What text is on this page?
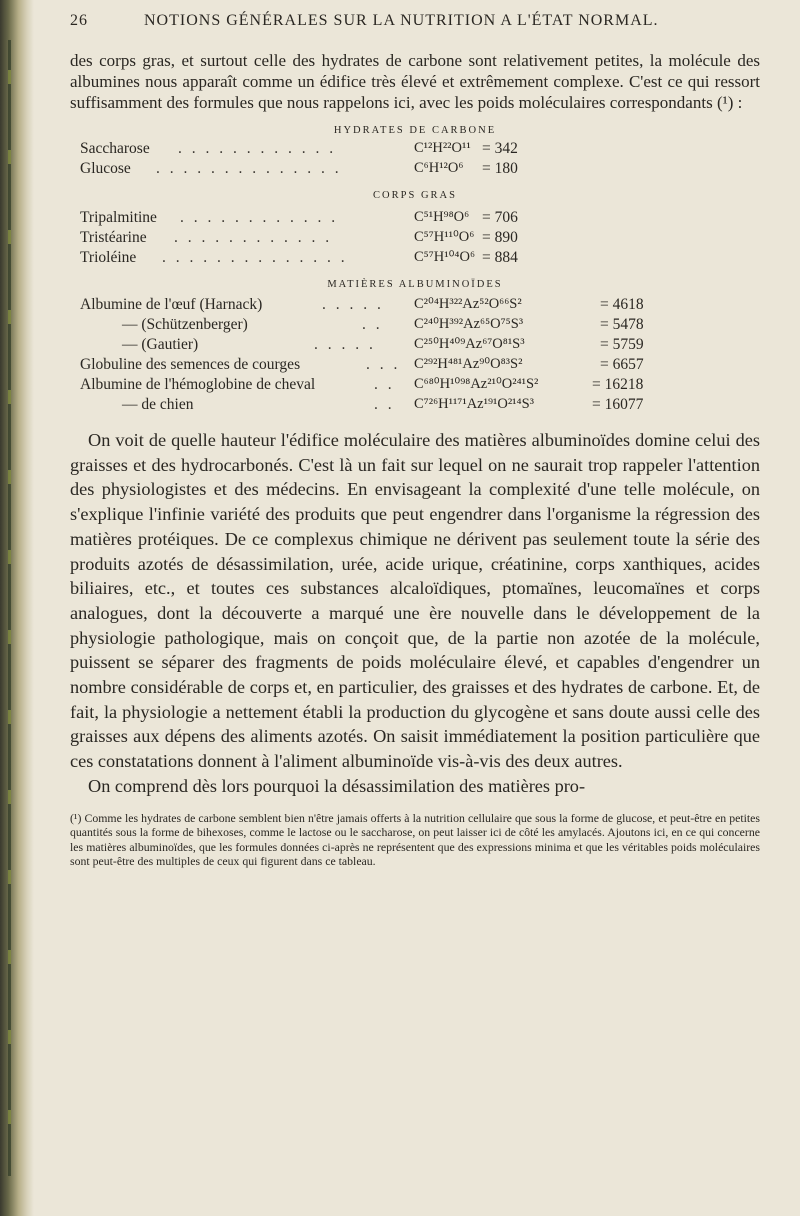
26	NOTIONS GÉNÉRALES SUR LA NUTRITION A L'ÉTAT NORMAL.

des corps gras, et surtout celle des hydrates de carbone sont relativement petites, la molécule des albumines nous apparaît comme un édifice très élevé et extrêmement complexe. C'est ce qui ressort suffisamment des formules que nous rappelons ici, avec les poids moléculaires correspondants (¹) :

HYDRATES DE CARBONE

Saccharose . . . . . . . . . . . .	C¹²H²²O¹¹ = 342
Glucose . . . . . . . . . . . . . .	C⁶H¹²O⁶ = 180

CORPS GRAS

Tripalmitine . . . . . . . . . . . .	C⁵¹H⁹⁸O⁶ = 706
Tristéarine . . . . . . . . . . . .	C⁵⁷H¹¹⁰O⁶ = 890
Trioléine . . . . . . . . . . . . . .	C⁵⁷H¹⁰⁴O⁶ = 884

MATIÈRES ALBUMINOÏDES

Albumine de l'œuf (Harnack)	. . . . . C²⁰⁴H³²²Az⁵²O⁶⁶S²	= 4618
— (Schützenberger)	. . C²⁴⁰H³⁹²Az⁶⁵O⁷⁵S³	= 5478
— (Gautier)	. . . . .	C²⁵⁰H⁴⁰⁹Az⁶⁷O⁸¹S³	= 5759
Globuline des semences de courges	. . . C²⁹²H⁴⁸¹Az⁹⁰O⁸³S²	= 6657
Albumine de l'hémoglobine de cheval	. . C⁶⁸⁰H¹⁰⁹⁸Az²¹⁰O²⁴¹S²	= 16218
— de chien	. . C⁷²⁶H¹¹⁷¹Az¹⁹¹O²¹⁴S³	= 16077

On voit de quelle hauteur l'édifice moléculaire des matières albuminoïdes domine celui des graisses et des hydrocarbonés. C'est là un fait sur lequel on ne saurait trop rappeler l'attention des physiologistes et des médecins. En envisageant la complexité d'une telle molécule, on s'explique l'infinie variété des produits que peut engendrer dans l'organisme la régression des matières protéiques. De ce complexus chimique ne dérivent pas seulement toute la série des produits azotés de désassimilation, urée, acide urique, créatinine, corps xanthiques, acides biliaires, etc., et toutes ces substances alcaloïdiques, ptomaïnes, leucomaïnes et corps analogues, dont la découverte a marqué une ère nouvelle dans le développement de la physiologie pathologique, mais on conçoit que, de la partie non azotée de la molécule, puissent se séparer des fragments de poids moléculaire élevé, et capables d'engendrer un nombre considérable de corps et, en particulier, des graisses et des hydrates de carbone. Et, de fait, la physiologie a nettement établi la production du glycogène et sans doute aussi celle des graisses aux dépens des aliments azotés. On saisit immédiatement la position particulière que ces constatations donnent à l'aliment albuminoïde vis-à-vis des deux autres.

On comprend dès lors pourquoi la désassimilation des matières pro-

(¹) Comme les hydrates de carbone semblent bien n'être jamais offerts à la nutrition cellulaire que sous la forme de glucose, et peut-être en petites quantités sous la forme de bihexoses, comme le lactose ou le saccharose, on peut laisser ici de côté les amylacés. Ajoutons ici, en ce qui concerne les matières albuminoïdes, que les formules données ci-après ne représentent que des expressions minima et que les véritables poids moléculaires sont peut-être des multiples de ceux qui figurent dans ce tableau.
